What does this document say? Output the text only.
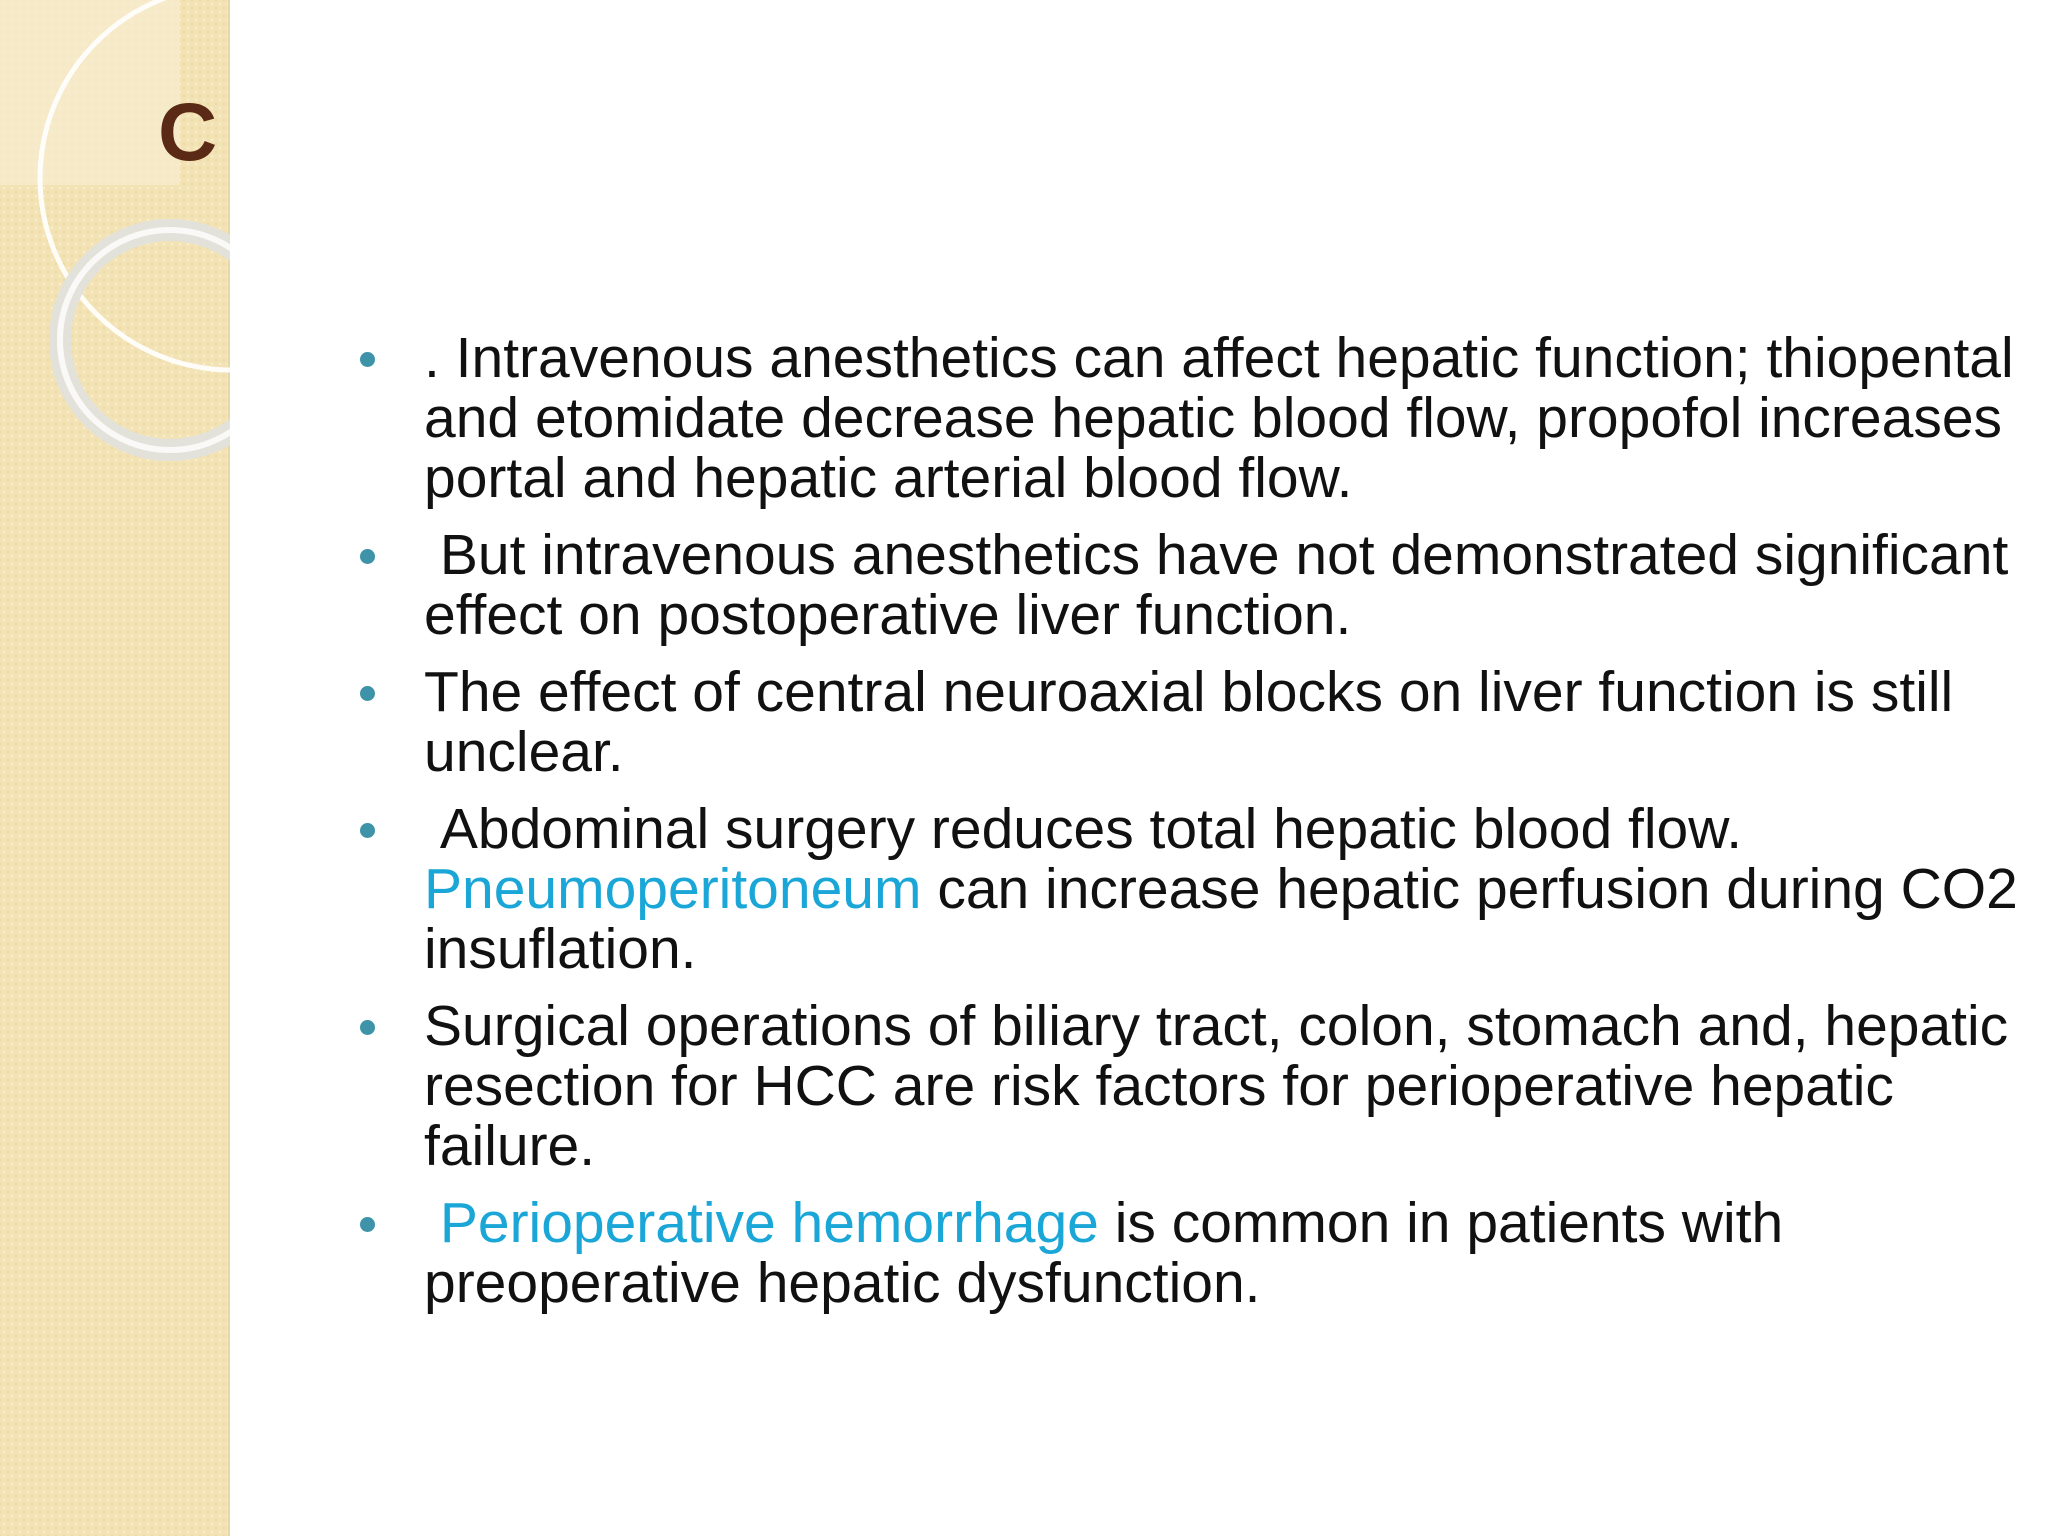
C
. Intravenous anesthetics can affect hepatic function; thiopental and etomidate decrease hepatic blood flow, propofol increases portal and hepatic arterial blood flow.
But intravenous anesthetics have not demonstrated significant effect on postoperative liver function.
The effect of central neuroaxial blocks on liver function is still unclear.
Abdominal surgery reduces total hepatic blood flow. Pneumoperitoneum can increase hepatic perfusion during CO2 insuflation.
Surgical operations of biliary tract, colon, stomach and, hepatic resection for HCC are risk factors for perioperative hepatic failure.
Perioperative hemorrhage is common in patients with preoperative hepatic dysfunction.
